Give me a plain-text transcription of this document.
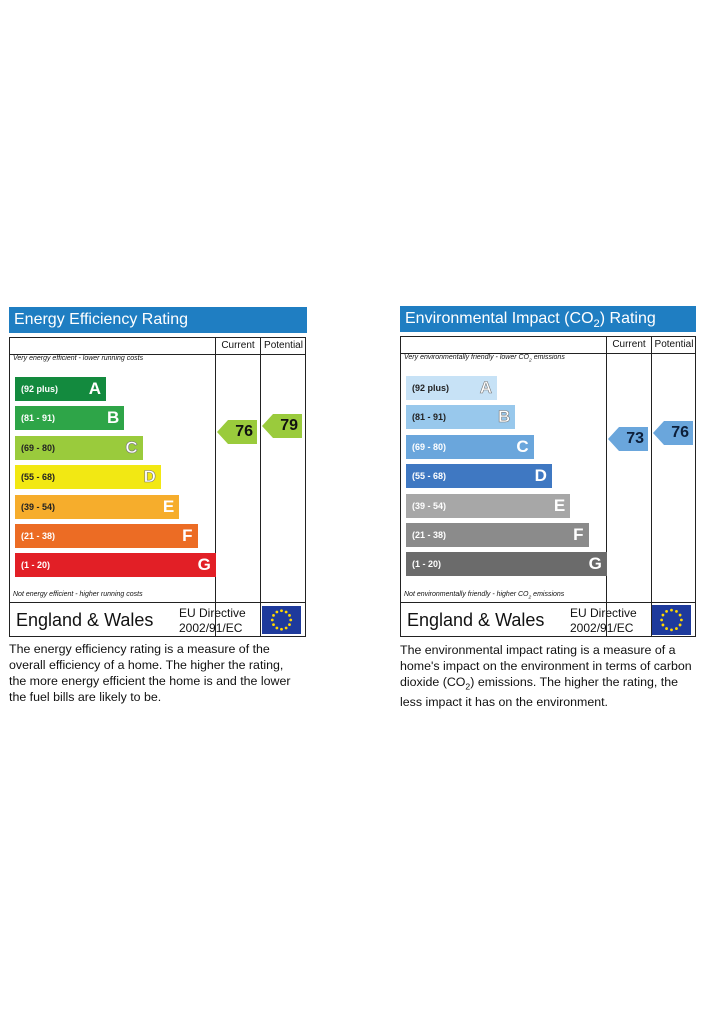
Energy Efficiency Rating
Current Potential
Very energy efficient - lower running costs
(92 plus) A
(81 - 91)	B
(69 - 80)	C
(55 - 68)	D
(39 - 54)	E
(21 - 38)	F
(1 - 20)	G
76 79
Not energy efficient - higher running costs
England & Wales EU Directive
2002/91/EC

The energy efficiency rating is a measure of the
overall efficiency of a home. The higher the rating,
the more energy efficient the home is and the lower
the fuel bills are likely to be.

Environmental Impact $(CO_2)$ Rating
Current Potential
Very environmentally friendly - lower $CO_2$ emissions
(92 plus) A
(81 - 91)	B
(69 - 80)	C
(55 - 68)	D
(39 - 54)	E
(21 - 38)	F
(1 - 20)	G
73 76
Not environmentally friendly - higher $CO_2$ emissions
England & Wales EU Directive
2002/91/EC

The environmental impact rating is a measure of a
home's impact on the environment in terms of carbon
dioxide $(CO_2)$ emissions. The higher the rating, the
less impact it has on the environment.
